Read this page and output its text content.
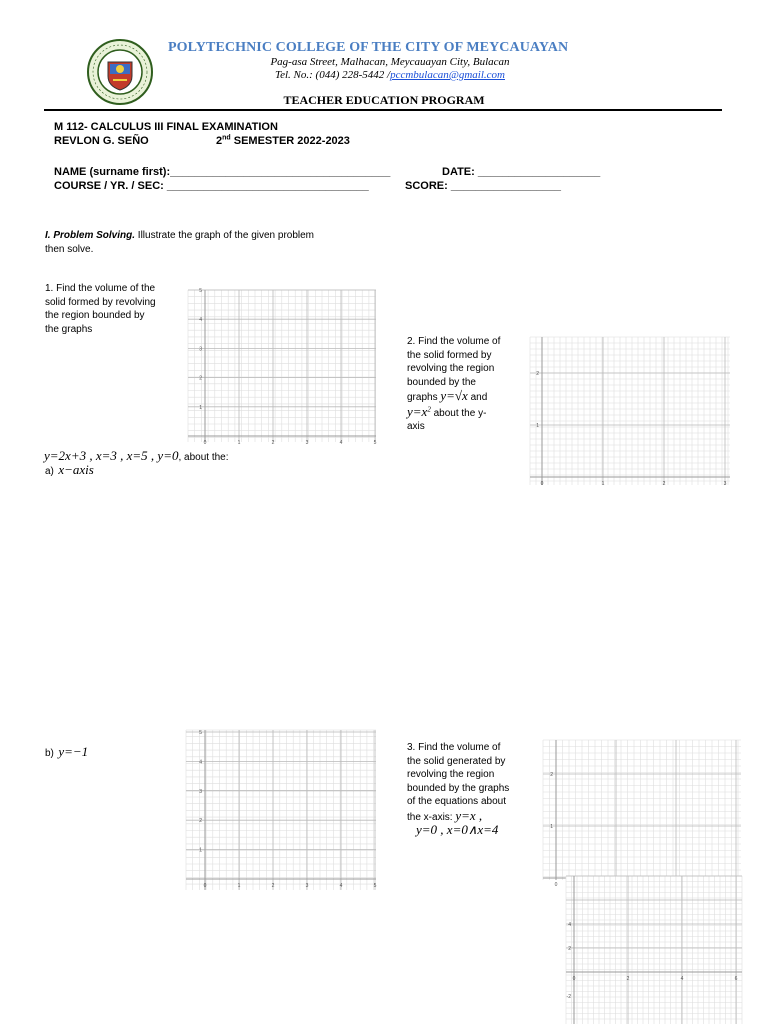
POLYTECHNIC COLLEGE OF THE CITY OF MEYCAUAYAN
Pag-asa Street, Malhacan, Meycauayan City, Bulacan
Tel. No.: (044) 228-5442 /pccmbulacan@gmail.com
TEACHER EDUCATION PROGRAM
M 112- CALCULUS III FINAL EXAMINATION
REVLON G. SEÑO	2nd SEMESTER 2022-2023
NAME (surname first):____________________________________	DATE: ____________________
COURSE / YR. / SEC: _________________________________	SCORE: __________________
I. Problem Solving. Illustrate the graph of the given problem
then solve.
1. Find the volume of the
solid formed by revolving
the region bounded by
the graphs
y=2x+3 , x=3 , x=5 , y=0, about the:
a) x−axis
b) y=−1
2. Find the volume of
the solid formed by
revolving the region
bounded by the
graphs y=√x and
$y=x^2$ about the y-
axis
3. Find the volume of
the solid generated by
revolving the region
bounded by the graphs
of the equations about
the x-axis: y=x ,
y=0 , x=0∧x=4
0	1	2	3	4	5
1
2
3
4
5
0	1	2	3
1
2
0	1	2	3	4	5
1
2
3
4
5
0
1
2
0	2	4	6
4
2
-2
